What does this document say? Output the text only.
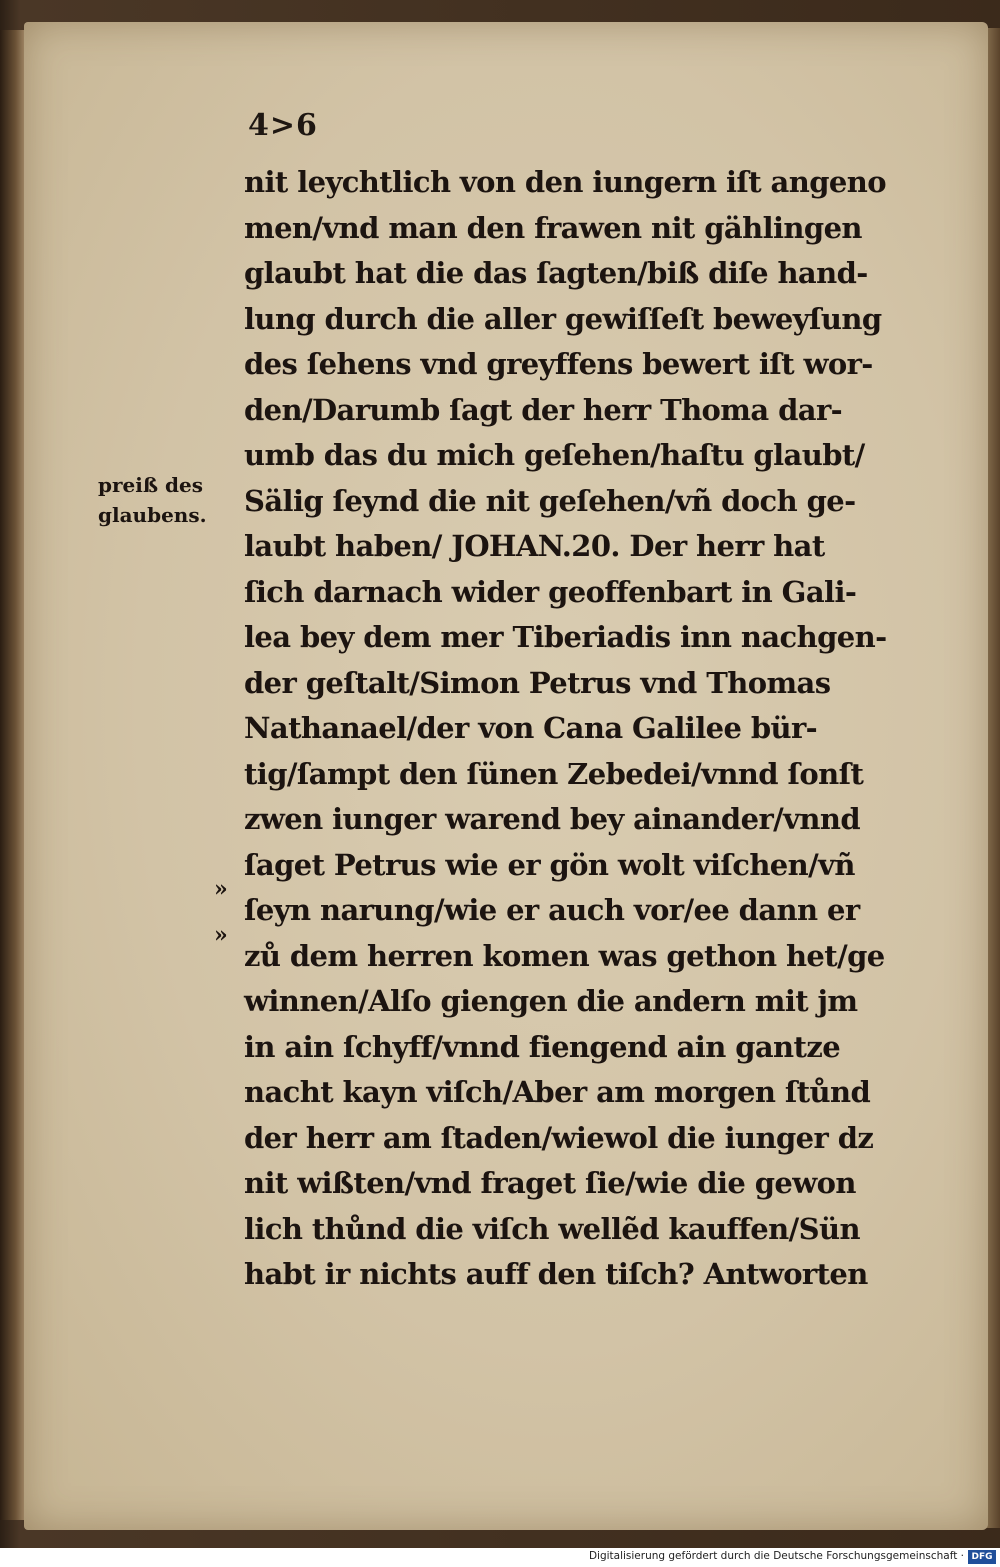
4>6
preiß des
glaubens.
»
»
nit leychtlich von den iungern iſt angeno
men/vnd man den frawen nit gählingen
glaubt hat die das ſagten/biß diſe hand-
lung durch die aller gewiſſeſt beweyſung
des ſehens vnd greyffens bewert iſt wor-
den/Darumb ſagt der herr Thoma dar-
umb das du mich geſehen/haſtu glaubt/
Sälig ſeynd die nit geſehen/vñ doch ge-
laubt haben/ JOHAN.20. Der herr hat
ſich darnach wider geoffenbart in Gali-
lea bey dem mer Tiberiadis inn nachgen-
der geſtalt/Simon Petrus vnd Thomas
Nathanael/der von Cana Galilee bür-
tig/ſampt den ſünen Zebedei/vnnd ſonſt
zwen iunger warend bey ainander/vnnd
ſaget Petrus wie er gön wolt viſchen/vñ
ſeyn narung/wie er auch vor/ee dann er
zů dem herren komen was gethon het/ge
winnen/Alſo giengen die andern mit jm
in ain ſchyff/vnnd fiengend ain gantze
nacht kayn viſch/Aber am morgen ſtůnd
der herr am ſtaden/wiewol die iunger dz
nit wißten/vnd fraget ſie/wie die gewon
lich thůnd die viſch wellẽd kauffen/Sün
habt ir nichts auff den tiſch? Antworten
Digitalisierung gefördert durch die Deutsche Forschungsgemeinschaft · DFG
